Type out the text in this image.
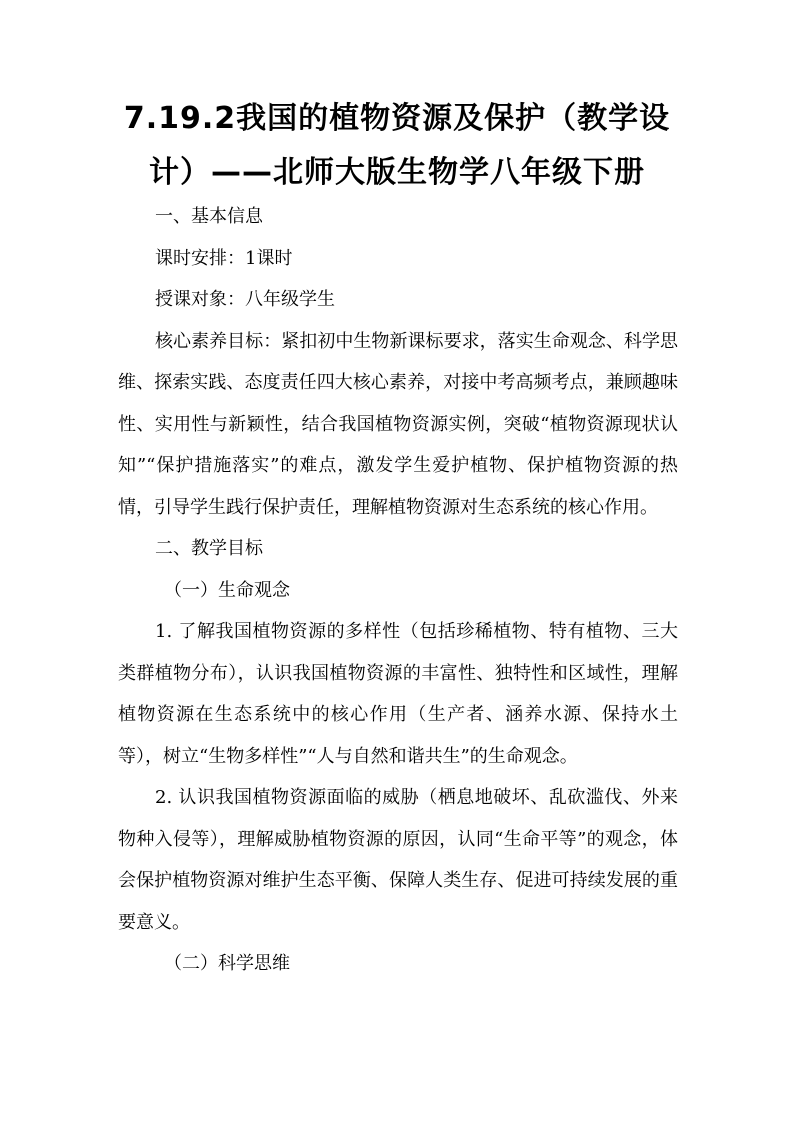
7.19.2我国的植物资源及保护（教学设计）——北师大版生物学八年级下册

一、基本信息

课时安排：1课时

授课对象：八年级学生

核心素养目标：紧扣初中生物新课标要求，落实生命观念、科学思维、探索实践、态度责任四大核心素养，对接中考高频考点，兼顾趣味性、实用性与新颖性，结合我国植物资源实例，突破“植物资源现状认知”“保护措施落实”的难点，激发学生爱护植物、保护植物资源的热情，引导学生践行保护责任，理解植物资源对生态系统的核心作用。

二、教学目标

（一）生命观念

1. 了解我国植物资源的多样性（包括珍稀植物、特有植物、三大类群植物分布），认识我国植物资源的丰富性、独特性和区域性，理解植物资源在生态系统中的核心作用（生产者、涵养水源、保持水土等），树立“生物多样性”“人与自然和谐共生”的生命观念。

2. 认识我国植物资源面临的威胁（栖息地破坏、乱砍滥伐、外来物种入侵等），理解威胁植物资源的原因，认同“生命平等”的观念，体会保护植物资源对维护生态平衡、保障人类生存、促进可持续发展的重要意义。

（二）科学思维
